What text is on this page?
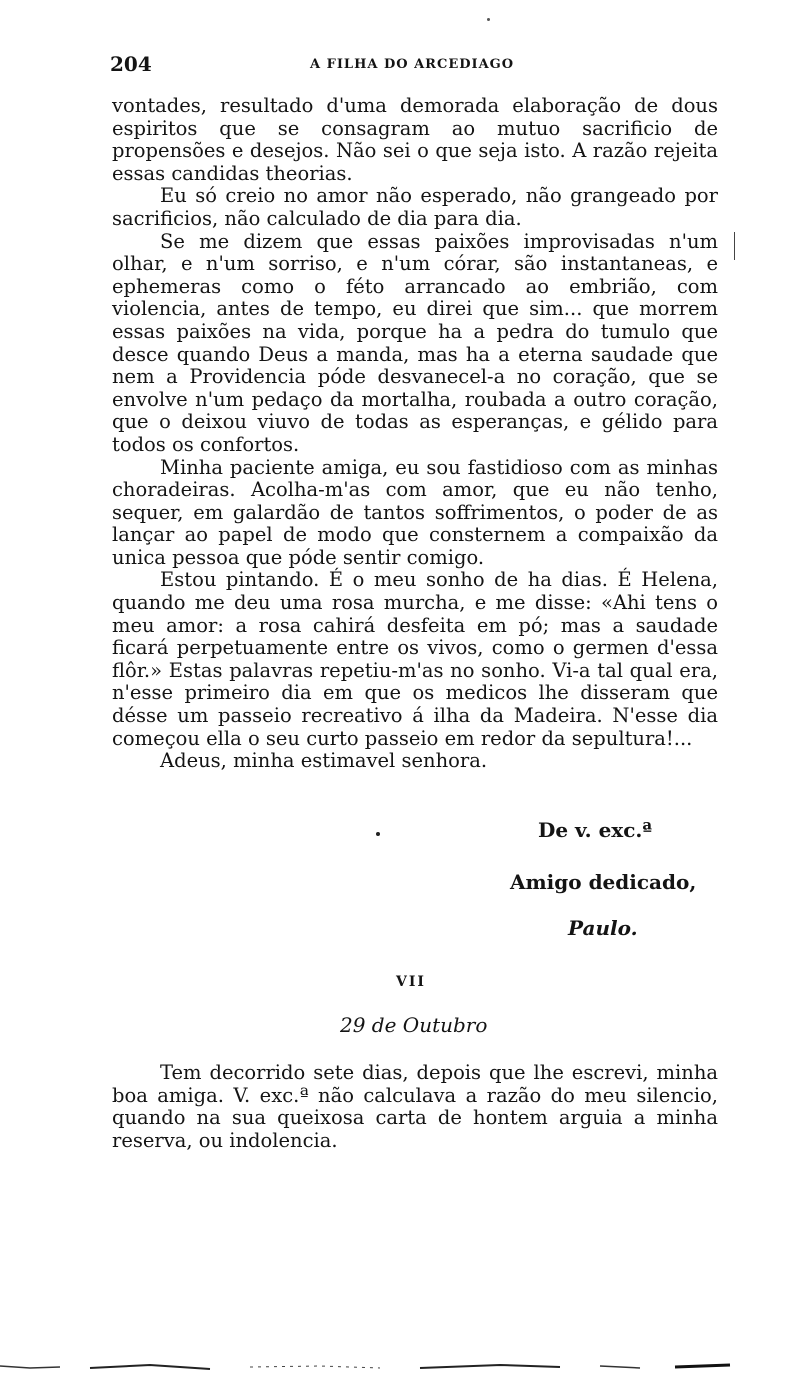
204	A FILHA DO ARCEDIAGO

vontades, resultado d'uma demorada elaboração de dous espiritos que se consagram ao mutuo sacrificio de propensões e desejos. Não sei o que seja isto. A razão rejeita essas candidas theorias.

Eu só creio no amor não esperado, não grangeado por sacrificios, não calculado de dia para dia.

Se me dizem que essas paixões improvisadas n'um olhar, e n'um sorriso, e n'um córar, são instantaneas, e ephemeras como o féto arrancado ao embrião, com violencia, antes de tempo, eu direi que sim... que morrem essas paixões na vida, porque ha a pedra do tumulo que desce quando Deus a manda, mas ha a eterna saudade que nem a Providencia póde desvanecel-a no coração, que se envolve n'um pedaço da mortalha, roubada a outro coração, que o deixou viuvo de todas as esperanças, e gélido para todos os confortos.

Minha paciente amiga, eu sou fastidioso com as minhas choradeiras. Acolha-m'as com amor, que eu não tenho, sequer, em galardão de tantos soffrimentos, o poder de as lançar ao papel de modo que consternem a compaixão da unica pessoa que póde sentir comigo.

Estou pintando. É o meu sonho de ha dias. É Helena, quando me deu uma rosa murcha, e me disse: «Ahi tens o meu amor: a rosa cahirá desfeita em pó; mas a saudade ficará perpetuamente entre os vivos, como o germen d'essa flôr.» Estas palavras repetiu-m'as no sonho. Vi-a tal qual era, n'esse primeiro dia em que os medicos lhe disseram que désse um passeio recreativo á ilha da Madeira. N'esse dia começou ella o seu curto passeio em redor da sepultura!...

Adeus, minha estimavel senhora.

De v. exc.ª
Amigo dedicado,
Paulo.
VII
29 de Outubro

Tem decorrido sete dias, depois que lhe escrevi, minha boa amiga. V. exc.ª não calculava a razão do meu silencio, quando na sua queixosa carta de hontem arguia a minha reserva, ou indolencia.
